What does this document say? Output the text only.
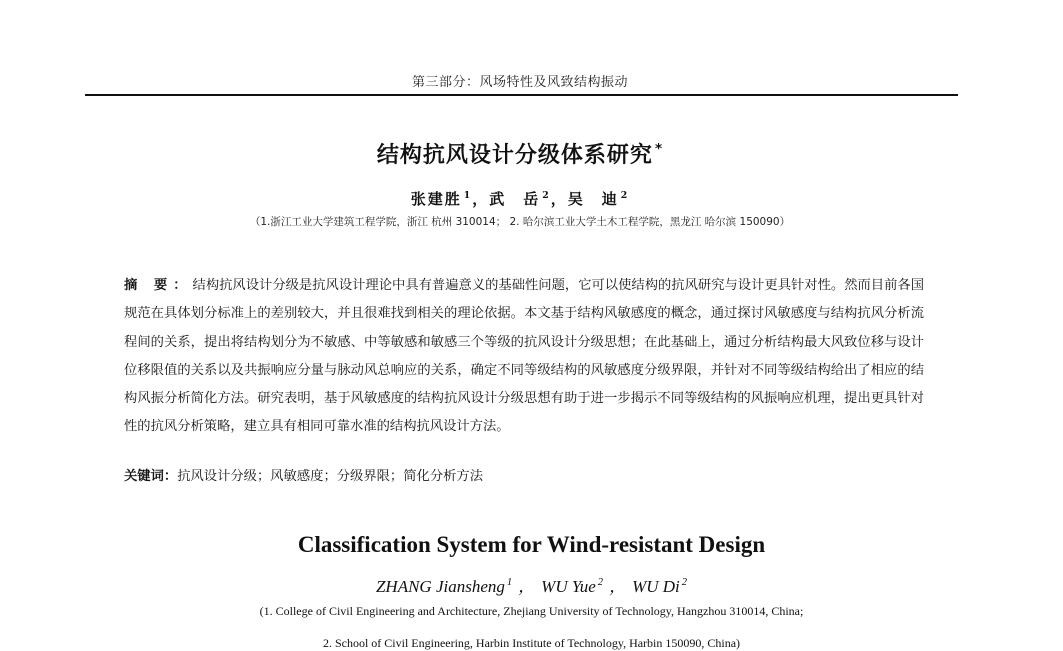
第三部分：风场特性及风致结构振动
结构抗风设计分级体系研究 *
张建胜 $^1$，武　岳 $^2$，吴　迪 $^2$
（1.浙江工业大学建筑工程学院，浙江 杭州 310014； 2. 哈尔滨工业大学土木工程学院，黑龙江 哈尔滨 150090）
摘 要：结构抗风设计分级是抗风设计理论中具有普遍意义的基础性问题，它可以使结构的抗风研究与设计更具针对性。然而目前各国规范在具体划分标准上的差别较大，并且很难找到相关的理论依据。本文基于结构风敏感度的概念，通过探讨风敏感度与结构抗风分析流程间的关系，提出将结构划分为不敏感、中等敏感和敏感三个等级的抗风设计分级思想；在此基础上，通过分析结构最大风致位移与设计位移限值的关系以及共振响应分量与脉动风总响应的关系，确定不同等级结构的风敏感度分级界限，并针对不同等级结构给出了相应的结构风振分析简化方法。研究表明，基于风敏感度的结构抗风设计分级思想有助于进一步揭示不同等级结构的风振响应机理，提出更具针对性的抗风分析策略，建立具有相同可靠水准的结构抗风设计方法。
关键词：抗风设计分级；风敏感度；分级界限；简化分析方法
Classification System for Wind-resistant Design
ZHANG Jiansheng $^1$ ， WU Yue $^2$ ， WU Di $^2$
(1. College of Civil Engineering and Architecture, Zhejiang University of Technology, Hangzhou 310014, China;
2. School of Civil Engineering, Harbin Institute of Technology, Harbin 150090, China)
